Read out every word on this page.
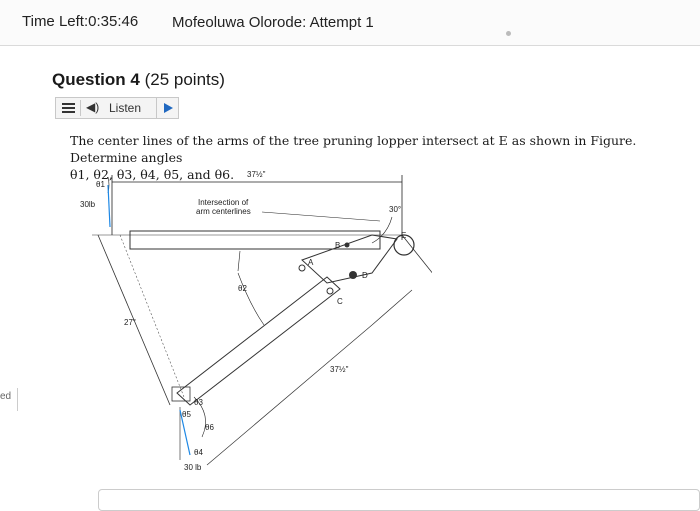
Time Left:0:35:46 Mofeoluwa Olorode: Attempt 1
ed
Question 4 (25 points)
◀) Listen
The center lines of the arms of the tree pruning lopper intersect at E as shown in Figure. Determine angles
θ1, θ2, θ3, θ4, θ5, and θ6.	37½"
θ1
30lb	Intersection of
arm centerlines	30°
E
B
A
D
C
θ2
27"
37½"
θ3
θ5
θ6
θ4
30 lb
